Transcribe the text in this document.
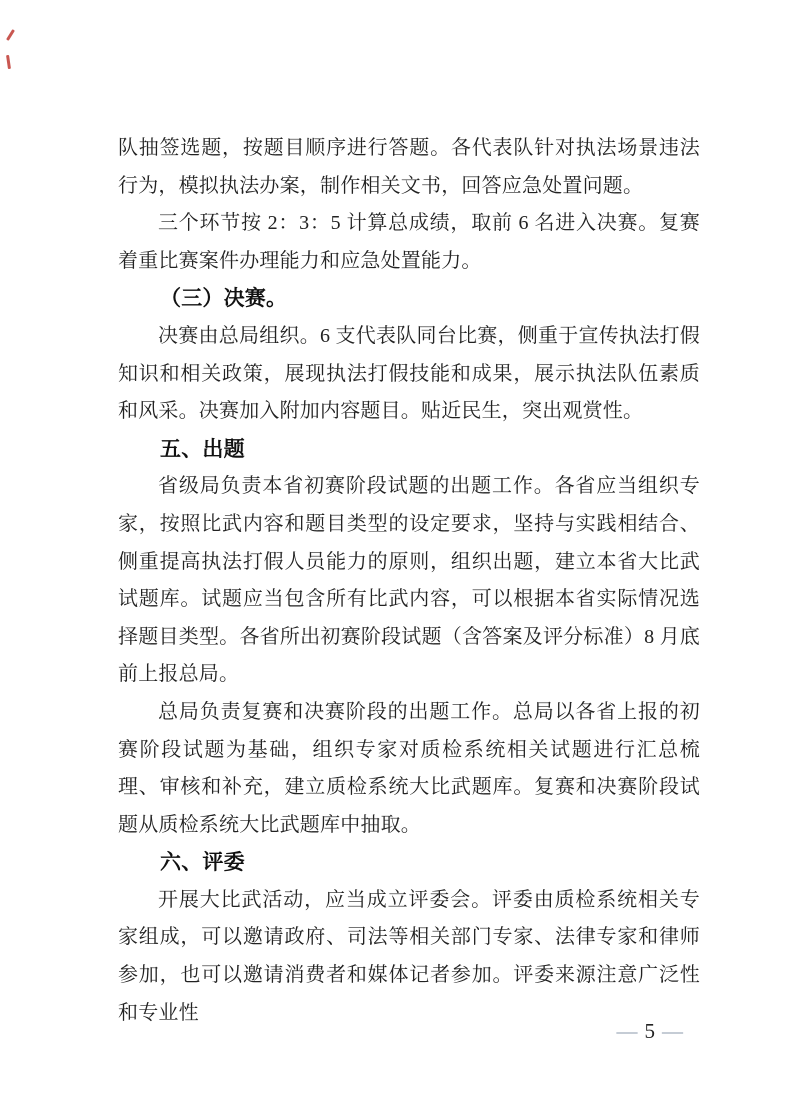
队抽签选题，按题目顺序进行答题。各代表队针对执法场景违法行为，模拟执法办案，制作相关文书，回答应急处置问题。

三个环节按 2：3：5 计算总成绩，取前 6 名进入决赛。复赛着重比赛案件办理能力和应急处置能力。

（三）决赛。

决赛由总局组织。6 支代表队同台比赛，侧重于宣传执法打假知识和相关政策，展现执法打假技能和成果，展示执法队伍素质和风采。决赛加入附加内容题目。贴近民生，突出观赏性。

五、出题

省级局负责本省初赛阶段试题的出题工作。各省应当组织专家，按照比武内容和题目类型的设定要求，坚持与实践相结合、侧重提高执法打假人员能力的原则，组织出题，建立本省大比武试题库。试题应当包含所有比武内容，可以根据本省实际情况选择题目类型。各省所出初赛阶段试题（含答案及评分标准）8 月底前上报总局。

总局负责复赛和决赛阶段的出题工作。总局以各省上报的初赛阶段试题为基础，组织专家对质检系统相关试题进行汇总梳理、审核和补充，建立质检系统大比武题库。复赛和决赛阶段试题从质检系统大比武题库中抽取。

六、评委

开展大比武活动，应当成立评委会。评委由质检系统相关专家组成，可以邀请政府、司法等相关部门专家、法律专家和律师参加，也可以邀请消费者和媒体记者参加。评委来源注意广泛性和专业性

— 5 —
